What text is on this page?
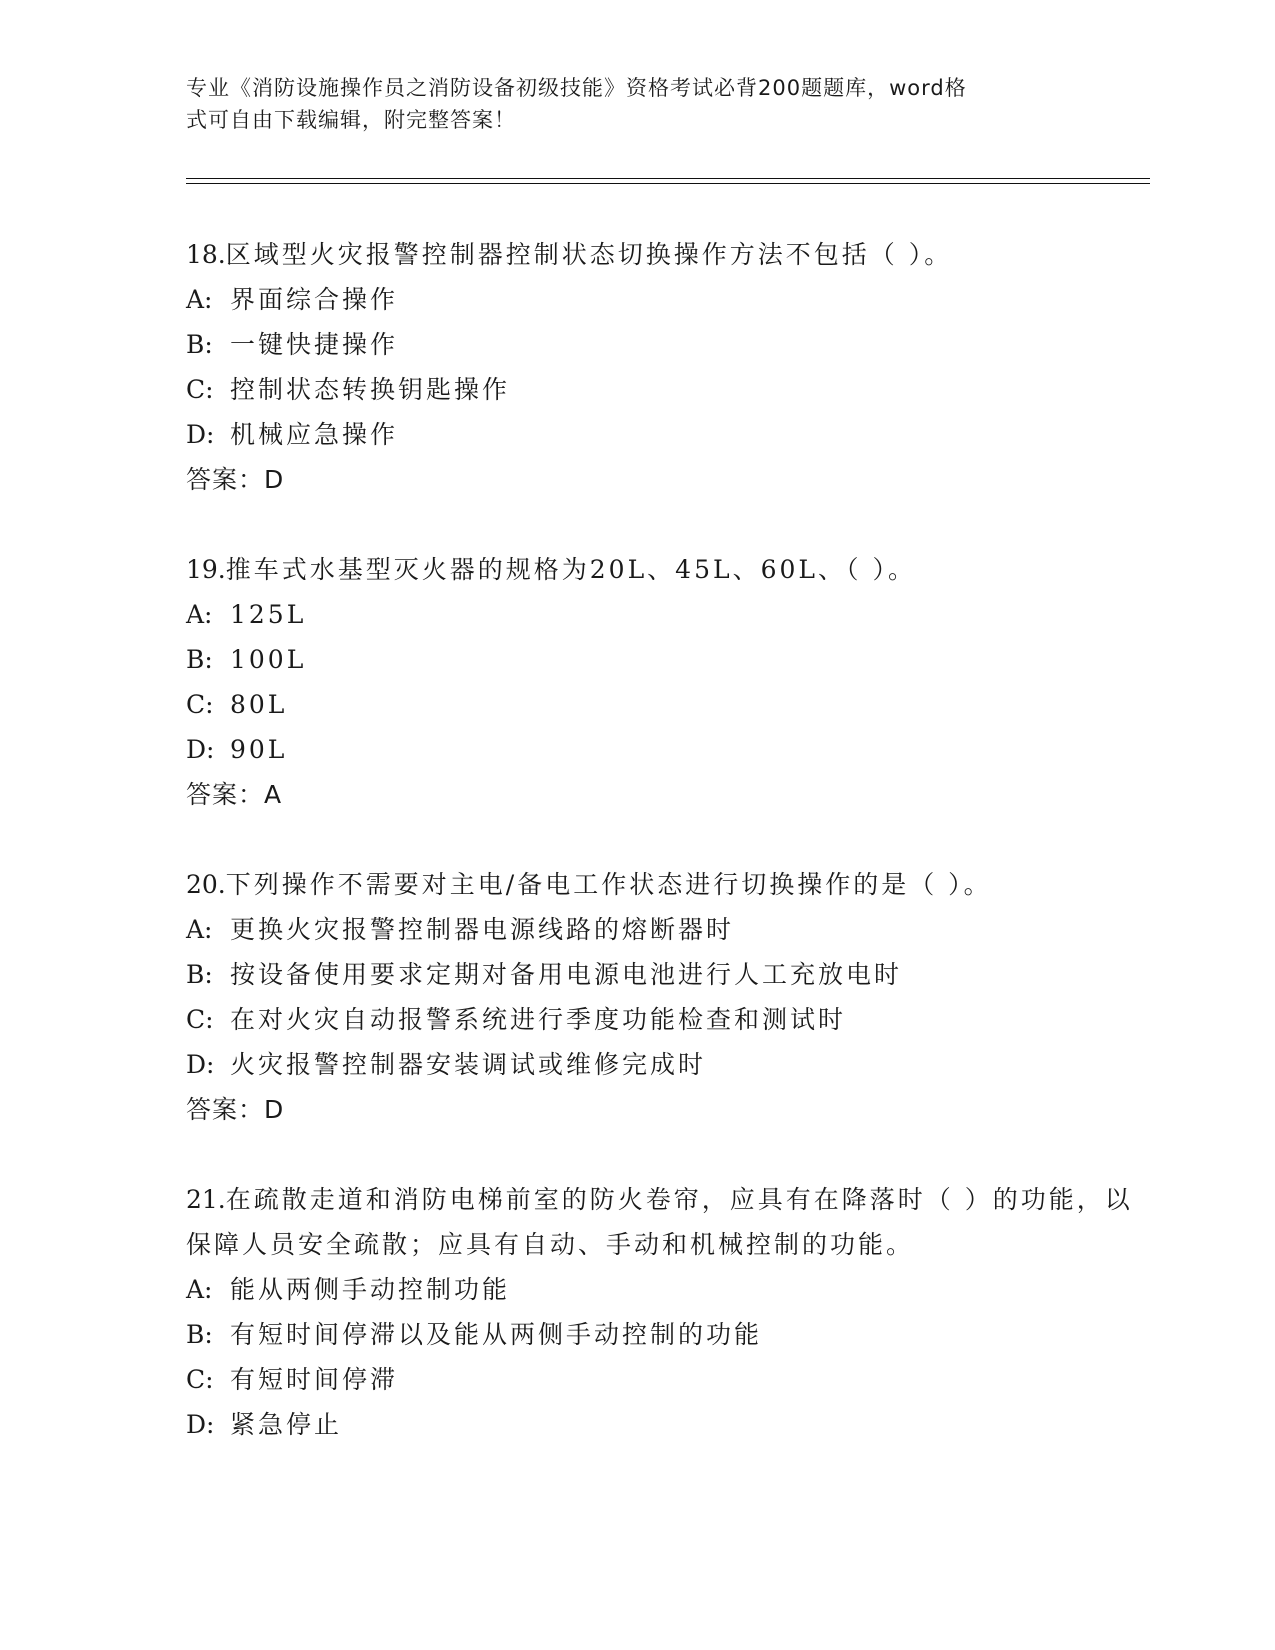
专业《消防设施操作员之消防设备初级技能》资格考试必背200题题库，word格
式可自由下载编辑，附完整答案！

18.区域型火灾报警控制器控制状态切换操作方法不包括（ ）。

A: 界面综合操作

B: 一键快捷操作

C: 控制状态转换钥匙操作

D: 机械应急操作

答案：D

19.推车式水基型灭火器的规格为20L、45L、60L、（ ）。

A: 125L

B: 100L

C: 80L

D: 90L

答案：A

20.下列操作不需要对主电/备电工作状态进行切换操作的是（ ）。

A: 更换火灾报警控制器电源线路的熔断器时

B: 按设备使用要求定期对备用电源电池进行人工充放电时

C: 在对火灾自动报警系统进行季度功能检查和测试时

D: 火灾报警控制器安装调试或维修完成时

答案：D

21.在疏散走道和消防电梯前室的防火卷帘，应具有在降落时（ ）的功能，以保障人员安全疏散；应具有自动、手动和机械控制的功能。

A: 能从两侧手动控制功能

B: 有短时间停滞以及能从两侧手动控制的功能

C: 有短时间停滞

D: 紧急停止
